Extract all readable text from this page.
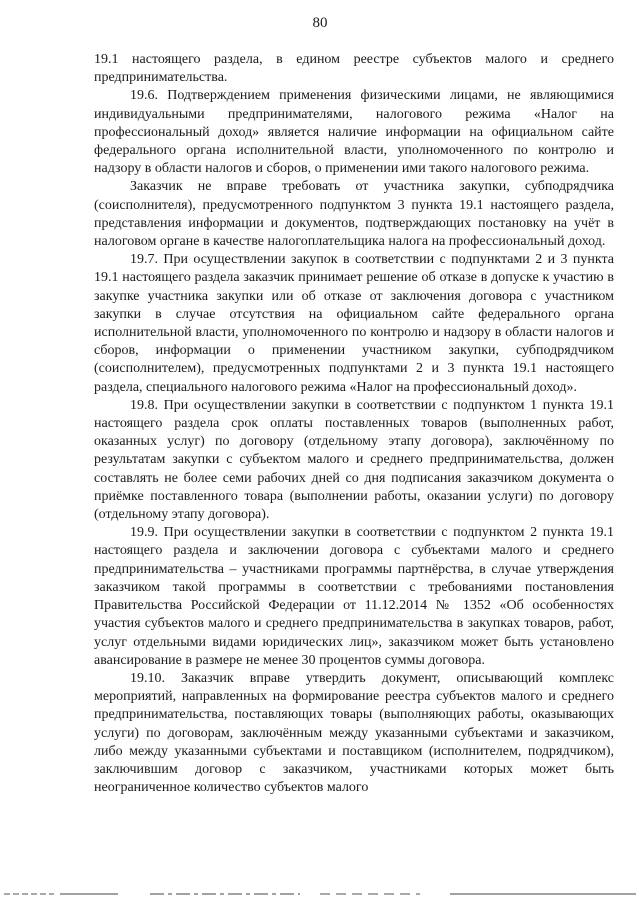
80

19.1 настоящего раздела, в едином реестре субъектов малого и среднего предпринимательства.

19.6. Подтверждением применения физическими лицами, не являющимися индивидуальными предпринимателями, налогового режима «Налог на профессиональный доход» является наличие информации на официальном сайте федерального органа исполнительной власти, уполномоченного по контролю и надзору в области налогов и сборов, о применении ими такого налогового режима.

Заказчик не вправе требовать от участника закупки, субподрядчика (соисполнителя), предусмотренного подпунктом 3 пункта 19.1 настоящего раздела, представления информации и документов, подтверждающих постановку на учёт в налоговом органе в качестве налогоплательщика налога на профессиональный доход.

19.7. При осуществлении закупок в соответствии с подпунктами 2 и 3 пункта 19.1 настоящего раздела заказчик принимает решение об отказе в допуске к участию в закупке участника закупки или об отказе от заключения договора с участником закупки в случае отсутствия на официальном сайте федерального органа исполнительной власти, уполномоченного по контролю и надзору в области налогов и сборов, информации о применении участником закупки, субподрядчиком (соисполнителем), предусмотренных подпунктами 2 и 3 пункта 19.1 настоящего раздела, специального налогового режима «Налог на профессиональный доход».

19.8. При осуществлении закупки в соответствии с подпунктом 1 пункта 19.1 настоящего раздела срок оплаты поставленных товаров (выполненных работ, оказанных услуг) по договору (отдельному этапу договора), заключённому по результатам закупки с субъектом малого и среднего предпринимательства, должен составлять не более семи рабочих дней со дня подписания заказчиком документа о приёмке поставленного товара (выполнении работы, оказании услуги) по договору (отдельному этапу договора).

19.9. При осуществлении закупки в соответствии с подпунктом 2 пункта 19.1 настоящего раздела и заключении договора с субъектами малого и среднего предпринимательства – участниками программы партнёрства, в случае утверждения заказчиком такой программы в соответствии с требованиями постановления Правительства Российской Федерации от 11.12.2014 № 1352 «Об особенностях участия субъектов малого и среднего предпринимательства в закупках товаров, работ, услуг отдельными видами юридических лиц», заказчиком может быть установлено авансирование в размере не менее 30 процентов суммы договора.

19.10. Заказчик вправе утвердить документ, описывающий комплекс мероприятий, направленных на формирование реестра субъектов малого и среднего предпринимательства, поставляющих товары (выполняющих работы, оказывающих услуги) по договорам, заключённым между указанными субъектами и заказчиком, либо между указанными субъектами и поставщиком (исполнителем, подрядчиком), заключившим договор с заказчиком, участниками которых может быть неограниченное количество субъектов малого
